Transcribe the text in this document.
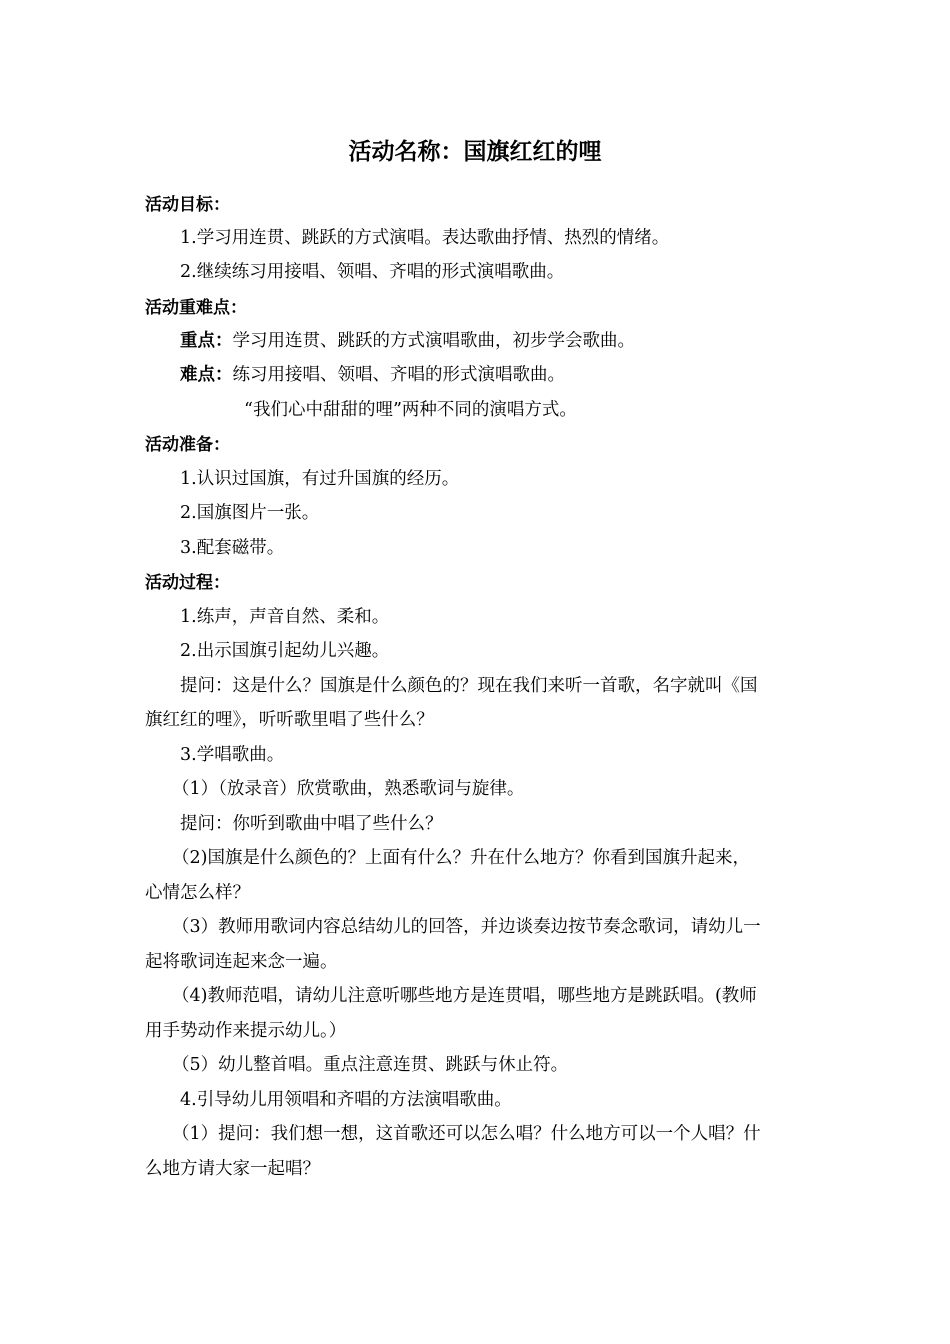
活动名称：国旗红红的哩
活动目标：
1.学习用连贯、跳跃的方式演唱。表达歌曲抒情、热烈的情绪。
2.继续练习用接唱、领唱、齐唱的形式演唱歌曲。
活动重难点：
重点：学习用连贯、跳跃的方式演唱歌曲，初步学会歌曲。
难点：练习用接唱、领唱、齐唱的形式演唱歌曲。
“我们心中甜甜的哩”两种不同的演唱方式。
活动准备：
1.认识过国旗，有过升国旗的经历。
2.国旗图片一张。
3.配套磁带。
活动过程：
1.练声，声音自然、柔和。
2.出示国旗引起幼儿兴趣。
提问：这是什么？国旗是什么颜色的？现在我们来听一首歌，名字就叫《国
旗红红的哩》，听听歌里唱了些什么？
3.学唱歌曲。
（1）（放录音）欣赏歌曲，熟悉歌词与旋律。
提问：你听到歌曲中唱了些什么？
（2)国旗是什么颜色的？上面有什么？升在什么地方？你看到国旗升起来，
心情怎么样？
（3）教师用歌词内容总结幼儿的回答，并边谈奏边按节奏念歌词，请幼儿一
起将歌词连起来念一遍。
（4)教师范唱，请幼儿注意听哪些地方是连贯唱，哪些地方是跳跃唱。(教师
用手势动作来提示幼儿。）
（5）幼儿整首唱。重点注意连贯、跳跃与休止符。
4.引导幼儿用领唱和齐唱的方法演唱歌曲。
（1）提问：我们想一想，这首歌还可以怎么唱？什么地方可以一个人唱？什
么地方请大家一起唱？
